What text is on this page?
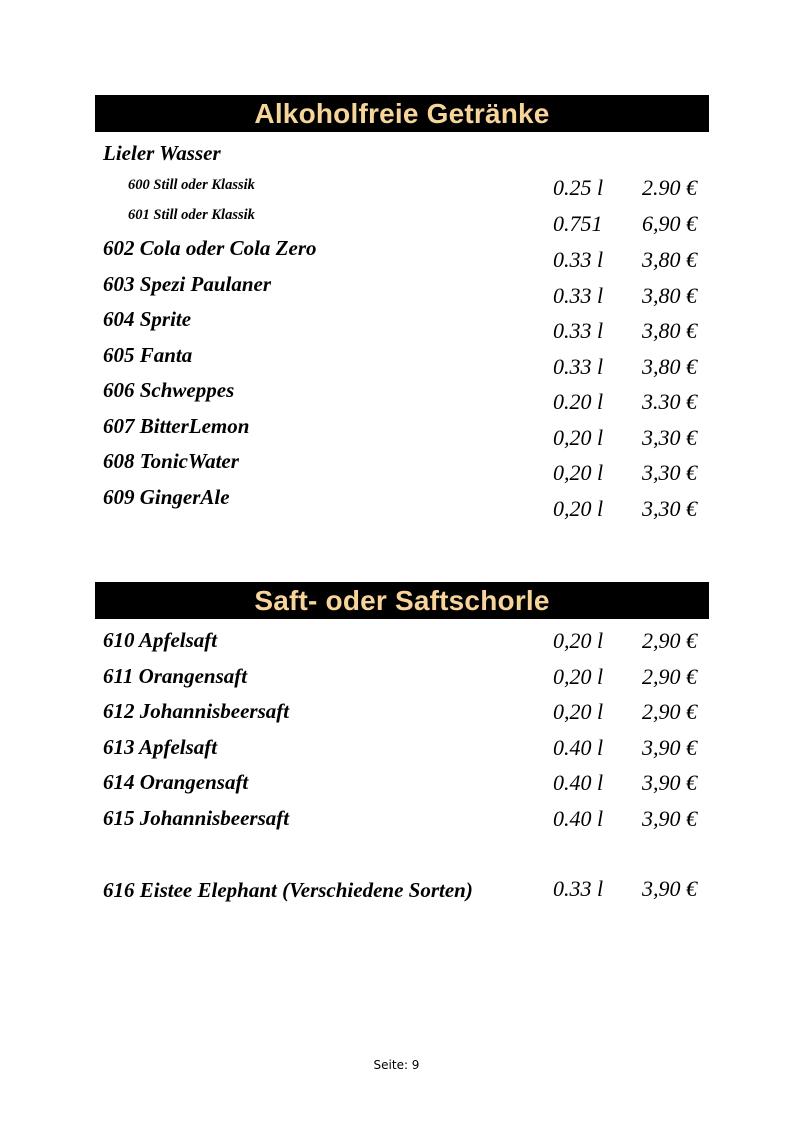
Alkoholfreie Getränke
Lieler Wasser
600 Still oder Klassik	0.25 l 2.90 €
601 Still oder Klassik	0.751 6,90 €
602 Cola oder Cola Zero	0.33 l 3,80 €
603 Spezi Paulaner	0.33 l 3,80 €
604 Sprite	0.33 l 3,80 €
605 Fanta	0.33 l 3,80 €
606 Schweppes	0.20 l 3.30 €
607 BitterLemon	0,20 l 3,30 €
608 TonicWater	0,20 l 3,30 €
609 GingerAle	0,20 l 3,30 €
Saft- oder Saftschorle
610 Apfelsaft	0,20 l 2,90 €
611 Orangensaft	0,20 l 2,90 €
612 Johannisbeersaft	0,20 l 2,90 €
613 Apfelsaft	0.40 l 3,90 €
614 Orangensaft	0.40 l 3,90 €
615 Johannisbeersaft	0.40 l 3,90 €
616 Eistee Elephant (Verschiedene Sorten)	0.33 l 3,90 €
Seite: 9
